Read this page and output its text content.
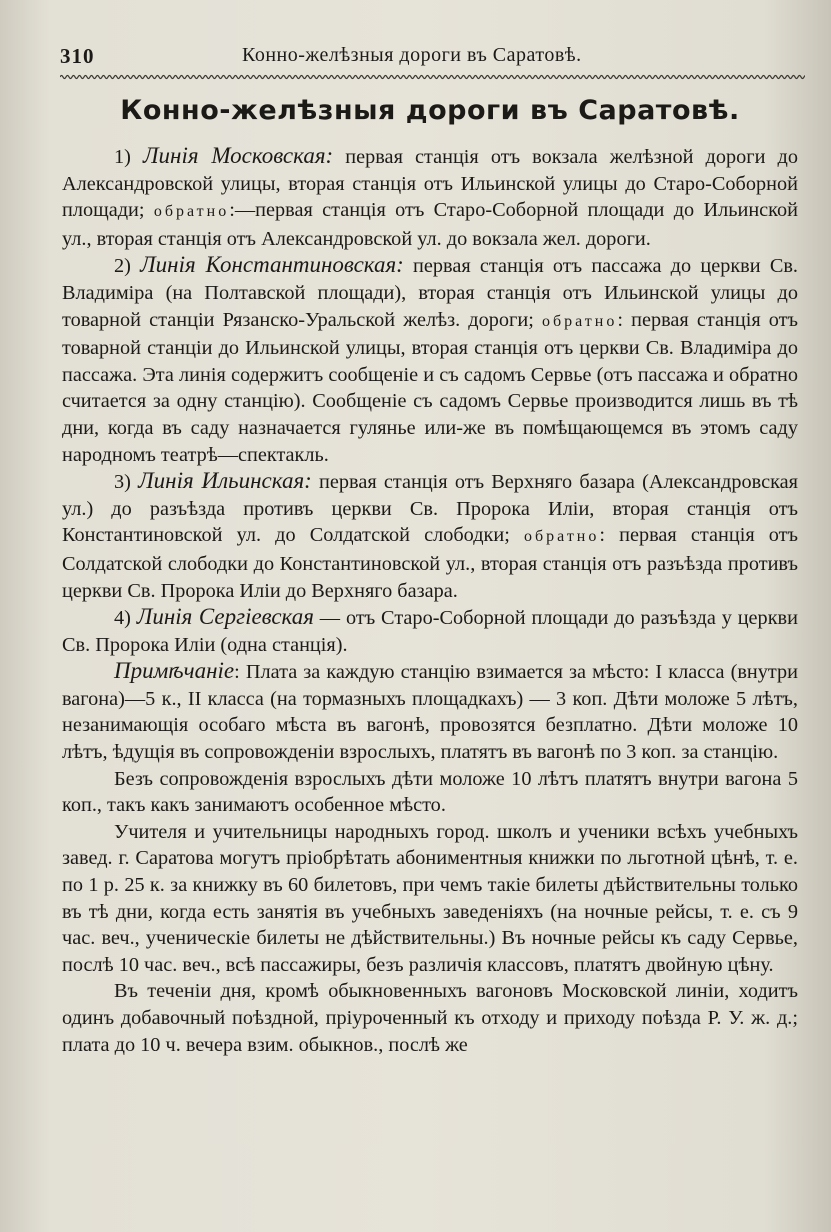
310	Конно-желѣзныя дороги въ Саратовѣ.
Конно-желѣзныя дороги въ Саратовѣ.

1) Линія Московская: первая станція отъ вокзала желѣзной дороги до Александровской улицы, вторая станція отъ Ильинской улицы до Старо-Соборной площади; обратно:—первая станція отъ Старо-Соборной площади до Ильинской ул., вторая станція отъ Александровской ул. до вокзала жел. дороги.

2) Линія Константиновская: первая станція отъ пассажа до церкви Св. Владиміра (на Полтавской площади), вторая станція отъ Ильинской улицы до товарной станціи Рязанско-Уральской желѣз. дороги; обратно: первая станція отъ товарной станціи до Ильинской улицы, вторая станція отъ церкви Св. Владиміра до пассажа. Эта линія содержитъ сообщеніе и съ садомъ Сервье (отъ пассажа и обратно считается за одну станцію). Сообщеніе съ садомъ Сервье производится лишь въ тѣ дни, когда въ саду назначается гулянье или-же въ помѣщающемся въ этомъ саду народномъ театрѣ—спектакль.

3) Линія Ильинская: первая станція отъ Верхняго базара (Александровская ул.) до разъѣзда противъ церкви Св. Пророка Иліи, вторая станція отъ Константиновской ул. до Солдатской слободки; обратно: первая станція отъ Солдатской слободки до Константиновской ул., вторая станція отъ разъѣзда противъ церкви Св. Пророка Иліи до Верхняго базара.

4) Линія Сергіевская — отъ Старо-Соборной площади до разъѣзда у церкви Св. Пророка Иліи (одна станція).

Примѣчаніе: Плата за каждую станцію взимается за мѣсто: I класса (внутри вагона)—5 к., II класса (на тормазныхъ площадкахъ) — 3 коп. Дѣти моложе 5 лѣтъ, незанимающія особаго мѣста въ вагонѣ, провозятся безплатно. Дѣти моложе 10 лѣтъ, ѣдущія въ сопровожденіи взрослыхъ, платятъ въ вагонѣ по 3 коп. за станцію.

Безъ сопровожденія взрослыхъ дѣти моложе 10 лѣтъ платятъ внутри вагона 5 коп., такъ какъ занимаютъ особенное мѣсто.

Учителя и учительницы народныхъ город. школъ и ученики всѣхъ учебныхъ завед. г. Саратова могутъ пріобрѣтать абониментныя книжки по льготной цѣнѣ, т. е. по 1 р. 25 к. за книжку въ 60 билетовъ, при чемъ такіе билеты дѣйствительны только въ тѣ дни, когда есть занятія въ учебныхъ заведеніяхъ (на ночные рейсы, т. е. съ 9 час. веч., ученическіе билеты не дѣйствительны.) Въ ночные рейсы къ саду Сервье, послѣ 10 час. веч., всѣ пассажиры, безъ различія классовъ, платятъ двойную цѣну.

Въ теченіи дня, кромѣ обыкновенныхъ вагоновъ Московской линіи, ходитъ одинъ добавочный поѣздной, пріуроченный къ отходу и приходу поѣзда Р. У. ж. д.; плата до 10 ч. вечера взим. обыкнов., послѣ же
